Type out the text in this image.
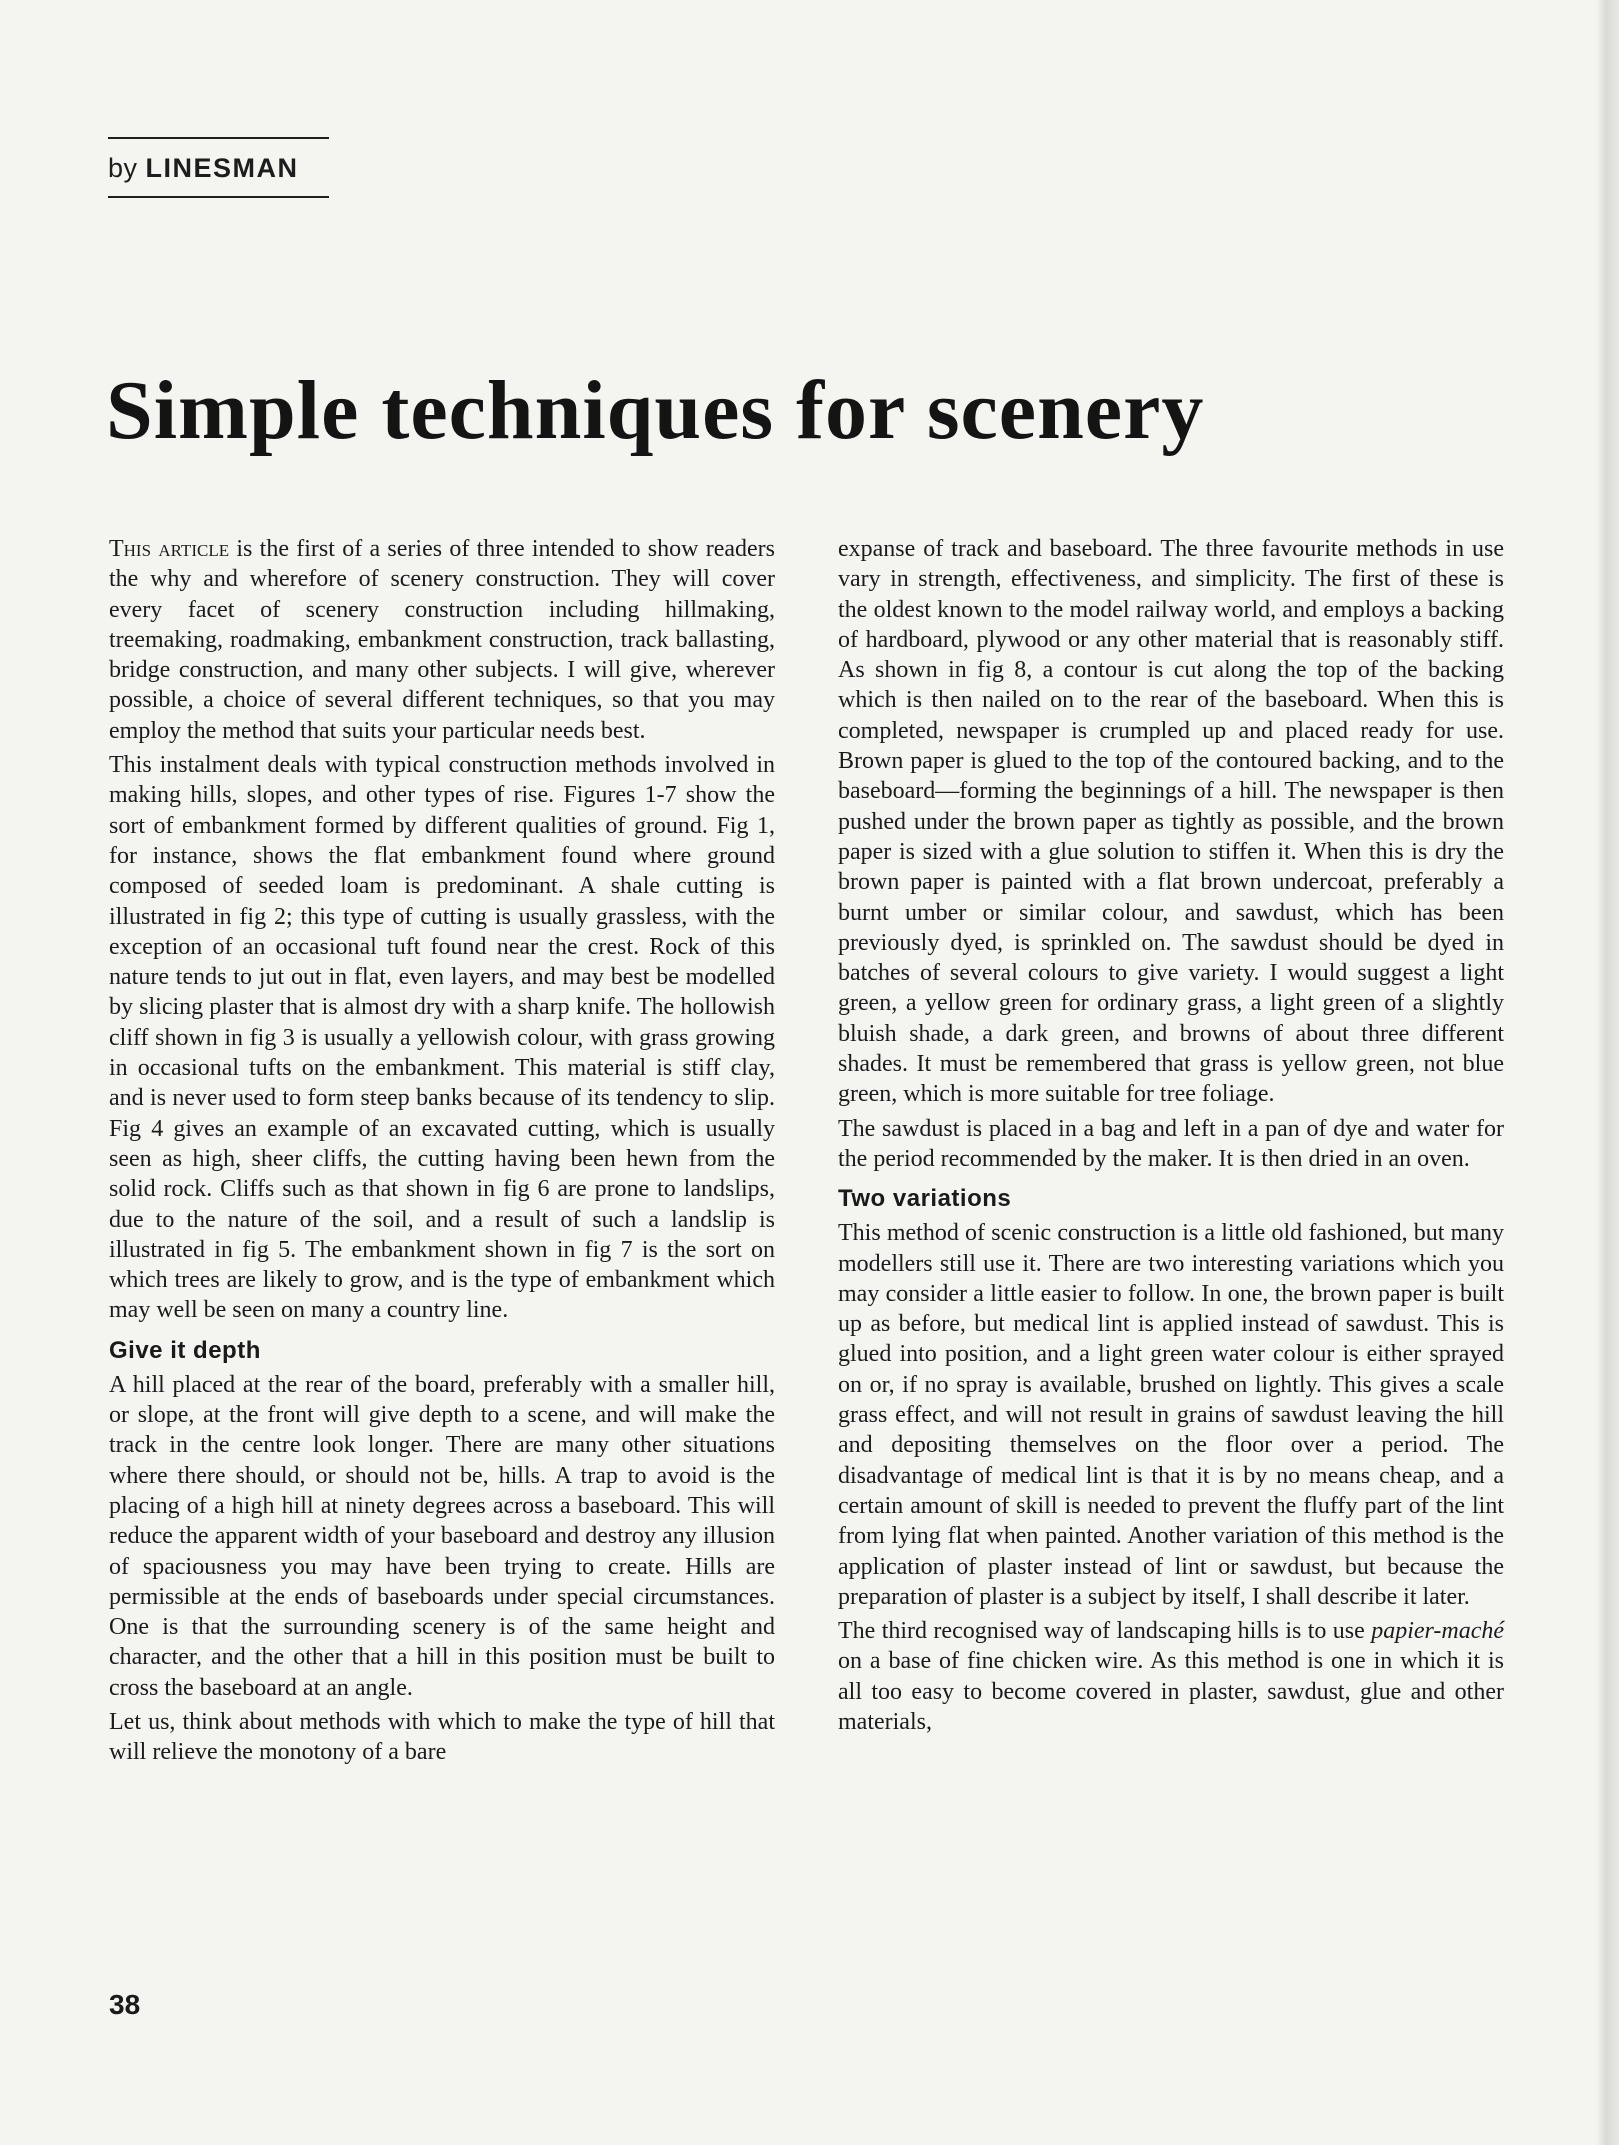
by LINESMAN
Simple techniques for scenery

This article is the first of a series of three intended to show readers the why and wherefore of scenery construction. They will cover every facet of scenery construction including hillmaking, treemaking, roadmaking, embankment construction, track ballasting, bridge construction, and many other subjects. I will give, wherever possible, a choice of several different techniques, so that you may employ the method that suits your particular needs best.

This instalment deals with typical construction methods involved in making hills, slopes, and other types of rise. Figures 1-7 show the sort of embankment formed by different qualities of ground. Fig 1, for instance, shows the flat embankment found where ground composed of seeded loam is predominant. A shale cutting is illustrated in fig 2; this type of cutting is usually grassless, with the exception of an occasional tuft found near the crest. Rock of this nature tends to jut out in flat, even layers, and may best be modelled by slicing plaster that is almost dry with a sharp knife. The hollowish cliff shown in fig 3 is usually a yellowish colour, with grass growing in occasional tufts on the embankment. This material is stiff clay, and is never used to form steep banks because of its tendency to slip. Fig 4 gives an example of an excavated cutting, which is usually seen as high, sheer cliffs, the cutting having been hewn from the solid rock. Cliffs such as that shown in fig 6 are prone to landslips, due to the nature of the soil, and a result of such a landslip is illustrated in fig 5. The embankment shown in fig 7 is the sort on which trees are likely to grow, and is the type of embankment which may well be seen on many a country line.

Give it depth

A hill placed at the rear of the board, preferably with a smaller hill, or slope, at the front will give depth to a scene, and will make the track in the centre look longer. There are many other situations where there should, or should not be, hills. A trap to avoid is the placing of a high hill at ninety degrees across a baseboard. This will reduce the apparent width of your baseboard and destroy any illusion of spaciousness you may have been trying to create. Hills are permissible at the ends of baseboards under special circumstances. One is that the surrounding scenery is of the same height and character, and the other that a hill in this position must be built to cross the baseboard at an angle.

Let us, think about methods with which to make the type of hill that will relieve the monotony of a bare

expanse of track and baseboard. The three favourite methods in use vary in strength, effectiveness, and simplicity. The first of these is the oldest known to the model railway world, and employs a backing of hardboard, plywood or any other material that is reasonably stiff. As shown in fig 8, a contour is cut along the top of the backing which is then nailed on to the rear of the baseboard. When this is completed, newspaper is crumpled up and placed ready for use. Brown paper is glued to the top of the contoured backing, and to the baseboard—forming the beginnings of a hill. The newspaper is then pushed under the brown paper as tightly as possible, and the brown paper is sized with a glue solution to stiffen it. When this is dry the brown paper is painted with a flat brown undercoat, preferably a burnt umber or similar colour, and sawdust, which has been previously dyed, is sprinkled on. The sawdust should be dyed in batches of several colours to give variety. I would suggest a light green, a yellow green for ordinary grass, a light green of a slightly bluish shade, a dark green, and browns of about three different shades. It must be remembered that grass is yellow green, not blue green, which is more suitable for tree foliage.

The sawdust is placed in a bag and left in a pan of dye and water for the period recommended by the maker. It is then dried in an oven.

Two variations

This method of scenic construction is a little old fashioned, but many modellers still use it. There are two interesting variations which you may consider a little easier to follow. In one, the brown paper is built up as before, but medical lint is applied instead of sawdust. This is glued into position, and a light green water colour is either sprayed on or, if no spray is available, brushed on lightly. This gives a scale grass effect, and will not result in grains of sawdust leaving the hill and depositing themselves on the floor over a period. The disadvantage of medical lint is that it is by no means cheap, and a certain amount of skill is needed to prevent the fluffy part of the lint from lying flat when painted. Another variation of this method is the application of plaster instead of lint or sawdust, but because the preparation of plaster is a subject by itself, I shall describe it later.

The third recognised way of landscaping hills is to use papier-maché on a base of fine chicken wire. As this method is one in which it is all too easy to become covered in plaster, sawdust, glue and other materials,

38
